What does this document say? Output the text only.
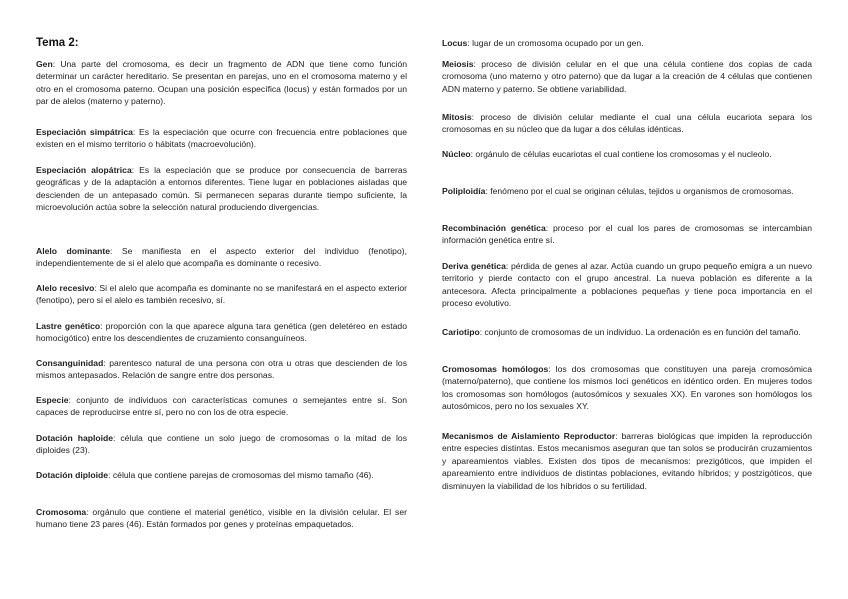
Tema 2:

Gen: Una parte del cromosoma, es decir un fragmento de ADN que tiene como función determinar un carácter hereditario. Se presentan en parejas, uno en el cromosoma materno y el otro en el cromosoma paterno. Ocupan una posición específica (locus) y están formados por un par de alelos (materno y paterno).

Especiación simpátrica: Es la especiación que ocurre con frecuencia entre poblaciones que existen en el mismo territorio o hábitats (macroevolución).

Especiación alopátrica: Es la especiación que se produce por consecuencia de barreras geográficas y de la adaptación a entornos diferentes. Tiene lugar en poblaciones aisladas que descienden de un antepasado común. Si permanecen separas durante tiempo suficiente, la microevolución actúa sobre la selección natural produciendo divergencias.

Alelo dominante: Se manifiesta en el aspecto exterior del individuo (fenotipo), independientemente de si el alelo que acompaña es dominante o recesivo.

Alelo recesivo: Si el alelo que acompaña es dominante no se manifestará en el aspecto exterior (fenotipo), pero si el alelo es también recesivo, sí.

Lastre genético: proporción con la que aparece alguna tara genética (gen deletéreo en estado homocigótico) entre los descendientes de cruzamiento consanguíneos.

Consanguinidad: parentesco natural de una persona con otra u otras que descienden de los mismos antepasados. Relación de sangre entre dos personas.

Especie: conjunto de individuos con características comunes o semejantes entre sí. Son capaces de reproducirse entre sí, pero no con los de otra especie.

Dotación haploide: célula que contiene un solo juego de cromosomas o la mitad de los diploides (23).

Dotación diploide: célula que contiene parejas de cromosomas del mismo tamaño (46).

Cromosoma: orgánulo que contiene el material genético, visible en la división celular. El ser humano tiene 23 pares (46). Están formados por genes y proteínas empaquetados.

Locus: lugar de un cromosoma ocupado por un gen.

Meiosis: proceso de división celular en el que una célula contiene dos copias de cada cromosoma (uno materno y otro paterno) que da lugar a la creación de 4 células que contienen ADN materno y paterno. Se obtiene variabilidad.

Mitosis: proceso de división celular mediante el cual una célula eucariota separa los cromosomas en su núcleo que da lugar a dos células idénticas.

Núcleo: orgánulo de células eucariotas el cual contiene los cromosomas y el nucleolo.

Poliploidía: fenómeno por el cual se originan células, tejidos u organismos de cromosomas.

Recombinación genética: proceso por el cual los pares de cromosomas se intercambian información genética entre sí.

Deriva genética: pérdida de genes al azar. Actúa cuando un grupo pequeño emigra a un nuevo territorio y pierde contacto con el grupo ancestral. La nueva población es diferente a la antecesora. Afecta principalmente a poblaciones pequeñas y tiene poca importancia en el proceso evolutivo.

Cariotipo: conjunto de cromosomas de un individuo. La ordenación es en función del tamaño.

Cromosomas homólogos: los dos cromosomas que constituyen una pareja cromosómica (materno/paterno), que contiene los mismos loci genéticos en idéntico orden. En mujeres todos los cromosomas son homólogos (autosómicos y sexuales XX). En varones son homólogos los autosómicos, pero no los sexuales XY.

Mecanismos de Aislamiento Reproductor: barreras biológicas que impiden la reproducción entre especies distintas. Estos mecanismos aseguran que tan solos se producirán cruzamientos y apareamientos viables. Existen dos tipos de mecanismos: prezigóticos, que impiden el apareamiento entre individuos de distintas poblaciones, evitando híbridos; y postzigóticos, que disminuyen la viabilidad de los híbridos o su fertilidad.
